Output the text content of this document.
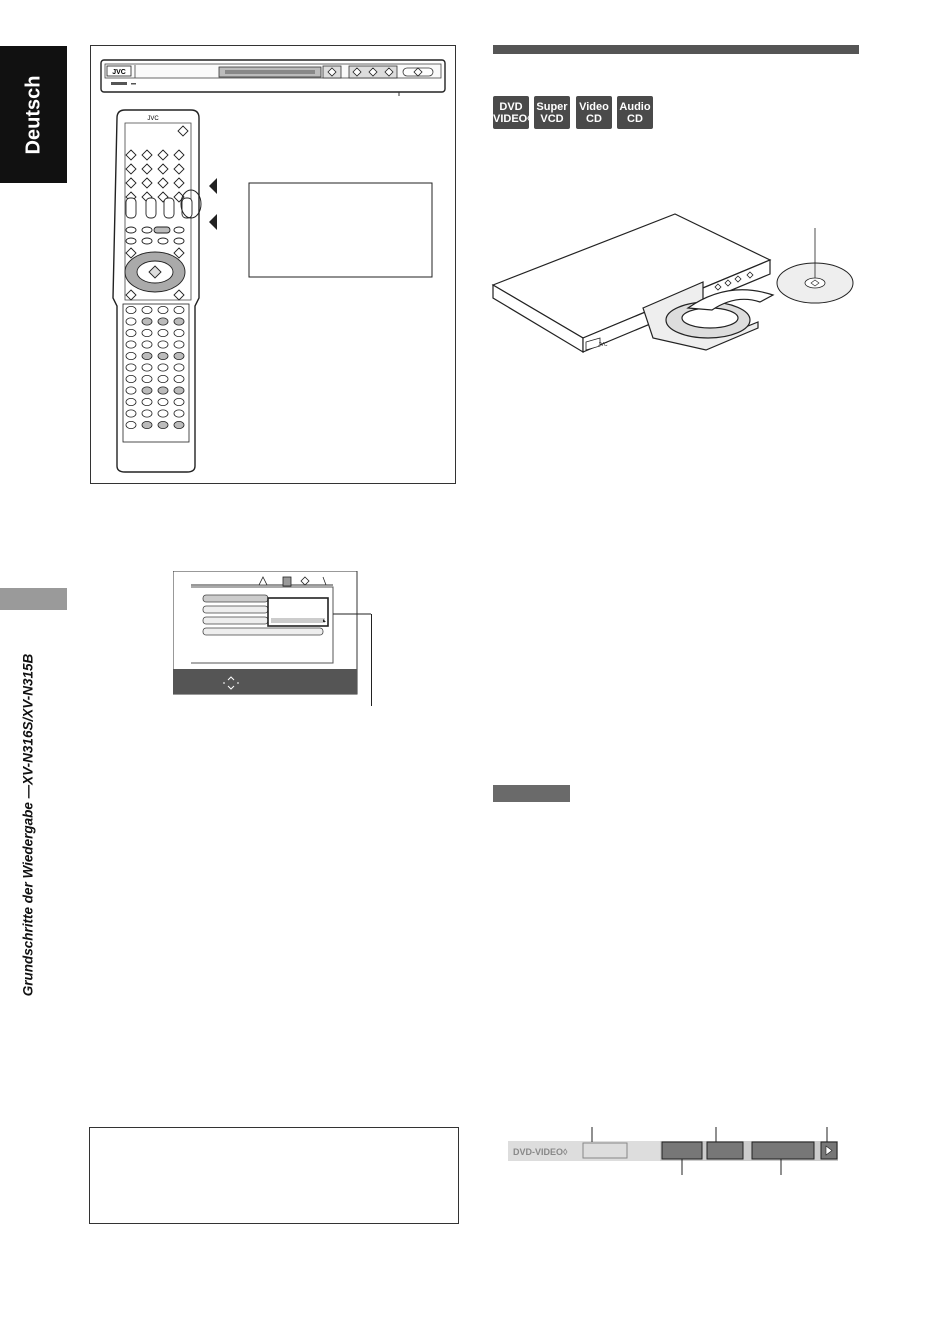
Deutsch
Grundschritte der Wiedergabe —XV-N316S/XV-N315B
JVC
JVC
DVD
VIDEO◊
Super
VCD
Video
CD
Audio
CD
JVC
DVD-VIDEO◊
